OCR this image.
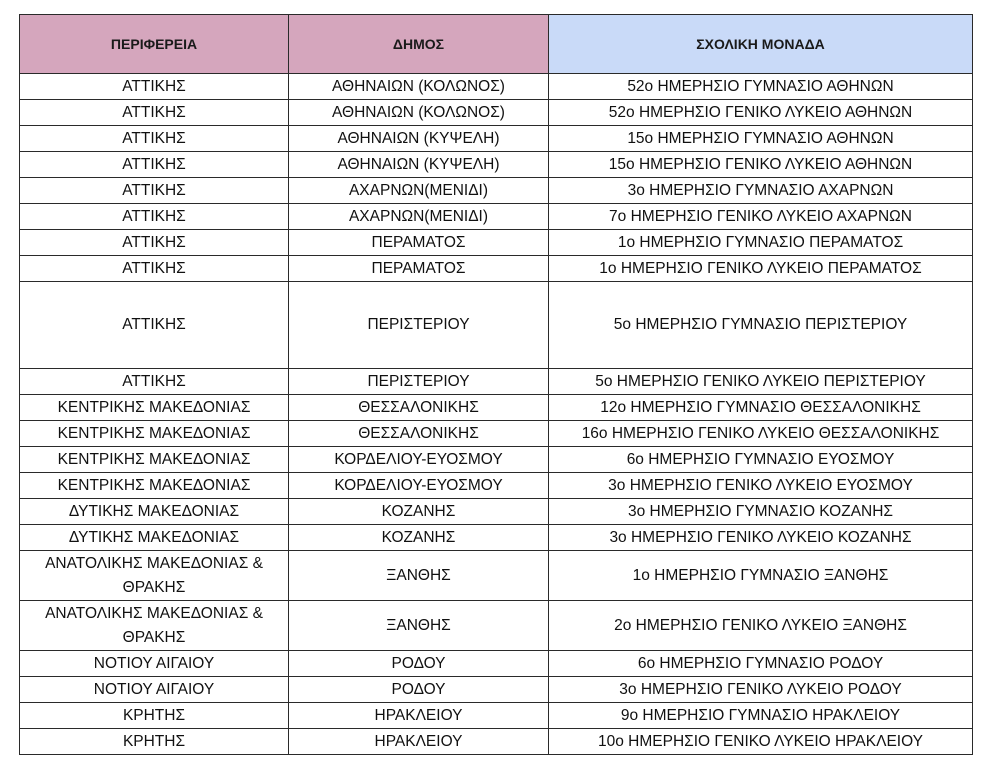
ΠΕΡΙΦΕΡΕΙΑ	ΔΗΜΟΣ	ΣΧΟΛΙΚΗ ΜΟΝΑΔΑ
ΑΤΤΙΚΗΣ	ΑΘΗΝΑΙΩΝ (ΚΟΛΩΝΟΣ)	52ο ΗΜΕΡΗΣΙΟ ΓΥΜΝΑΣΙΟ ΑΘΗΝΩΝ
ΑΤΤΙΚΗΣ	ΑΘΗΝΑΙΩΝ (ΚΟΛΩΝΟΣ)	52ο ΗΜΕΡΗΣΙΟ ΓΕΝΙΚΟ ΛΥΚΕΙΟ ΑΘΗΝΩΝ
ΑΤΤΙΚΗΣ	ΑΘΗΝΑΙΩΝ (ΚΥΨΕΛΗ)	15ο ΗΜΕΡΗΣΙΟ ΓΥΜΝΑΣΙΟ ΑΘΗΝΩΝ
ΑΤΤΙΚΗΣ	ΑΘΗΝΑΙΩΝ (ΚΥΨΕΛΗ)	15ο ΗΜΕΡΗΣΙΟ ΓΕΝΙΚΟ ΛΥΚΕΙΟ ΑΘΗΝΩΝ
ΑΤΤΙΚΗΣ	ΑΧΑΡΝΩΝ(ΜΕΝΙΔΙ)	3ο ΗΜΕΡΗΣΙΟ ΓΥΜΝΑΣΙΟ ΑΧΑΡΝΩΝ
ΑΤΤΙΚΗΣ	ΑΧΑΡΝΩΝ(ΜΕΝΙΔΙ)	7ο ΗΜΕΡΗΣΙΟ ΓΕΝΙΚΟ ΛΥΚΕΙΟ ΑΧΑΡΝΩΝ
ΑΤΤΙΚΗΣ	ΠΕΡΑΜΑΤΟΣ	1ο ΗΜΕΡΗΣΙΟ ΓΥΜΝΑΣΙΟ ΠΕΡΑΜΑΤΟΣ
ΑΤΤΙΚΗΣ	ΠΕΡΑΜΑΤΟΣ	1ο ΗΜΕΡΗΣΙΟ ΓΕΝΙΚΟ ΛΥΚΕΙΟ ΠΕΡΑΜΑΤΟΣ
ΑΤΤΙΚΗΣ	ΠΕΡΙΣΤΕΡΙΟΥ	5ο ΗΜΕΡΗΣΙΟ ΓΥΜΝΑΣΙΟ ΠΕΡΙΣΤΕΡΙΟΥ
ΑΤΤΙΚΗΣ	ΠΕΡΙΣΤΕΡΙΟΥ	5ο ΗΜΕΡΗΣΙΟ ΓΕΝΙΚΟ ΛΥΚΕΙΟ ΠΕΡΙΣΤΕΡΙΟΥ
ΚΕΝΤΡΙΚΗΣ ΜΑΚΕΔΟΝΙΑΣ	ΘΕΣΣΑΛΟΝΙΚΗΣ	12ο ΗΜΕΡΗΣΙΟ ΓΥΜΝΑΣΙΟ ΘΕΣΣΑΛΟΝΙΚΗΣ
ΚΕΝΤΡΙΚΗΣ ΜΑΚΕΔΟΝΙΑΣ	ΘΕΣΣΑΛΟΝΙΚΗΣ	16ο ΗΜΕΡΗΣΙΟ ΓΕΝΙΚΟ ΛΥΚΕΙΟ ΘΕΣΣΑΛΟΝΙΚΗΣ
ΚΕΝΤΡΙΚΗΣ ΜΑΚΕΔΟΝΙΑΣ	ΚΟΡΔΕΛΙΟΥ-ΕΥΟΣΜΟΥ	6ο ΗΜΕΡΗΣΙΟ ΓΥΜΝΑΣΙΟ ΕΥΟΣΜΟΥ
ΚΕΝΤΡΙΚΗΣ ΜΑΚΕΔΟΝΙΑΣ	ΚΟΡΔΕΛΙΟΥ-ΕΥΟΣΜΟΥ	3ο ΗΜΕΡΗΣΙΟ ΓΕΝΙΚΟ ΛΥΚΕΙΟ ΕΥΟΣΜΟΥ
ΔΥΤΙΚΗΣ ΜΑΚΕΔΟΝΙΑΣ	ΚΟΖΑΝΗΣ	3ο ΗΜΕΡΗΣΙΟ ΓΥΜΝΑΣΙΟ ΚΟΖΑΝΗΣ
ΔΥΤΙΚΗΣ ΜΑΚΕΔΟΝΙΑΣ	ΚΟΖΑΝΗΣ	3ο ΗΜΕΡΗΣΙΟ ΓΕΝΙΚΟ ΛΥΚΕΙΟ ΚΟΖΑΝΗΣ
ΑΝΑΤΟΛΙΚΗΣ ΜΑΚΕΔΟΝΙΑΣ & ΘΡΑΚΗΣ	ΞΑΝΘΗΣ	1ο ΗΜΕΡΗΣΙΟ ΓΥΜΝΑΣΙΟ ΞΑΝΘΗΣ
ΑΝΑΤΟΛΙΚΗΣ ΜΑΚΕΔΟΝΙΑΣ & ΘΡΑΚΗΣ	ΞΑΝΘΗΣ	2ο ΗΜΕΡΗΣΙΟ ΓΕΝΙΚΟ ΛΥΚΕΙΟ ΞΑΝΘΗΣ
ΝΟΤΙΟΥ ΑΙΓΑΙΟΥ	ΡΟΔΟΥ	6ο ΗΜΕΡΗΣΙΟ ΓΥΜΝΑΣΙΟ ΡΟΔΟΥ
ΝΟΤΙΟΥ ΑΙΓΑΙΟΥ	ΡΟΔΟΥ	3ο ΗΜΕΡΗΣΙΟ ΓΕΝΙΚΟ ΛΥΚΕΙΟ ΡΟΔΟΥ
ΚΡΗΤΗΣ	ΗΡΑΚΛΕΙΟΥ	9ο ΗΜΕΡΗΣΙΟ ΓΥΜΝΑΣΙΟ ΗΡΑΚΛΕΙΟΥ
ΚΡΗΤΗΣ	ΗΡΑΚΛΕΙΟΥ	10ο ΗΜΕΡΗΣΙΟ ΓΕΝΙΚΟ ΛΥΚΕΙΟ ΗΡΑΚΛΕΙΟΥ
